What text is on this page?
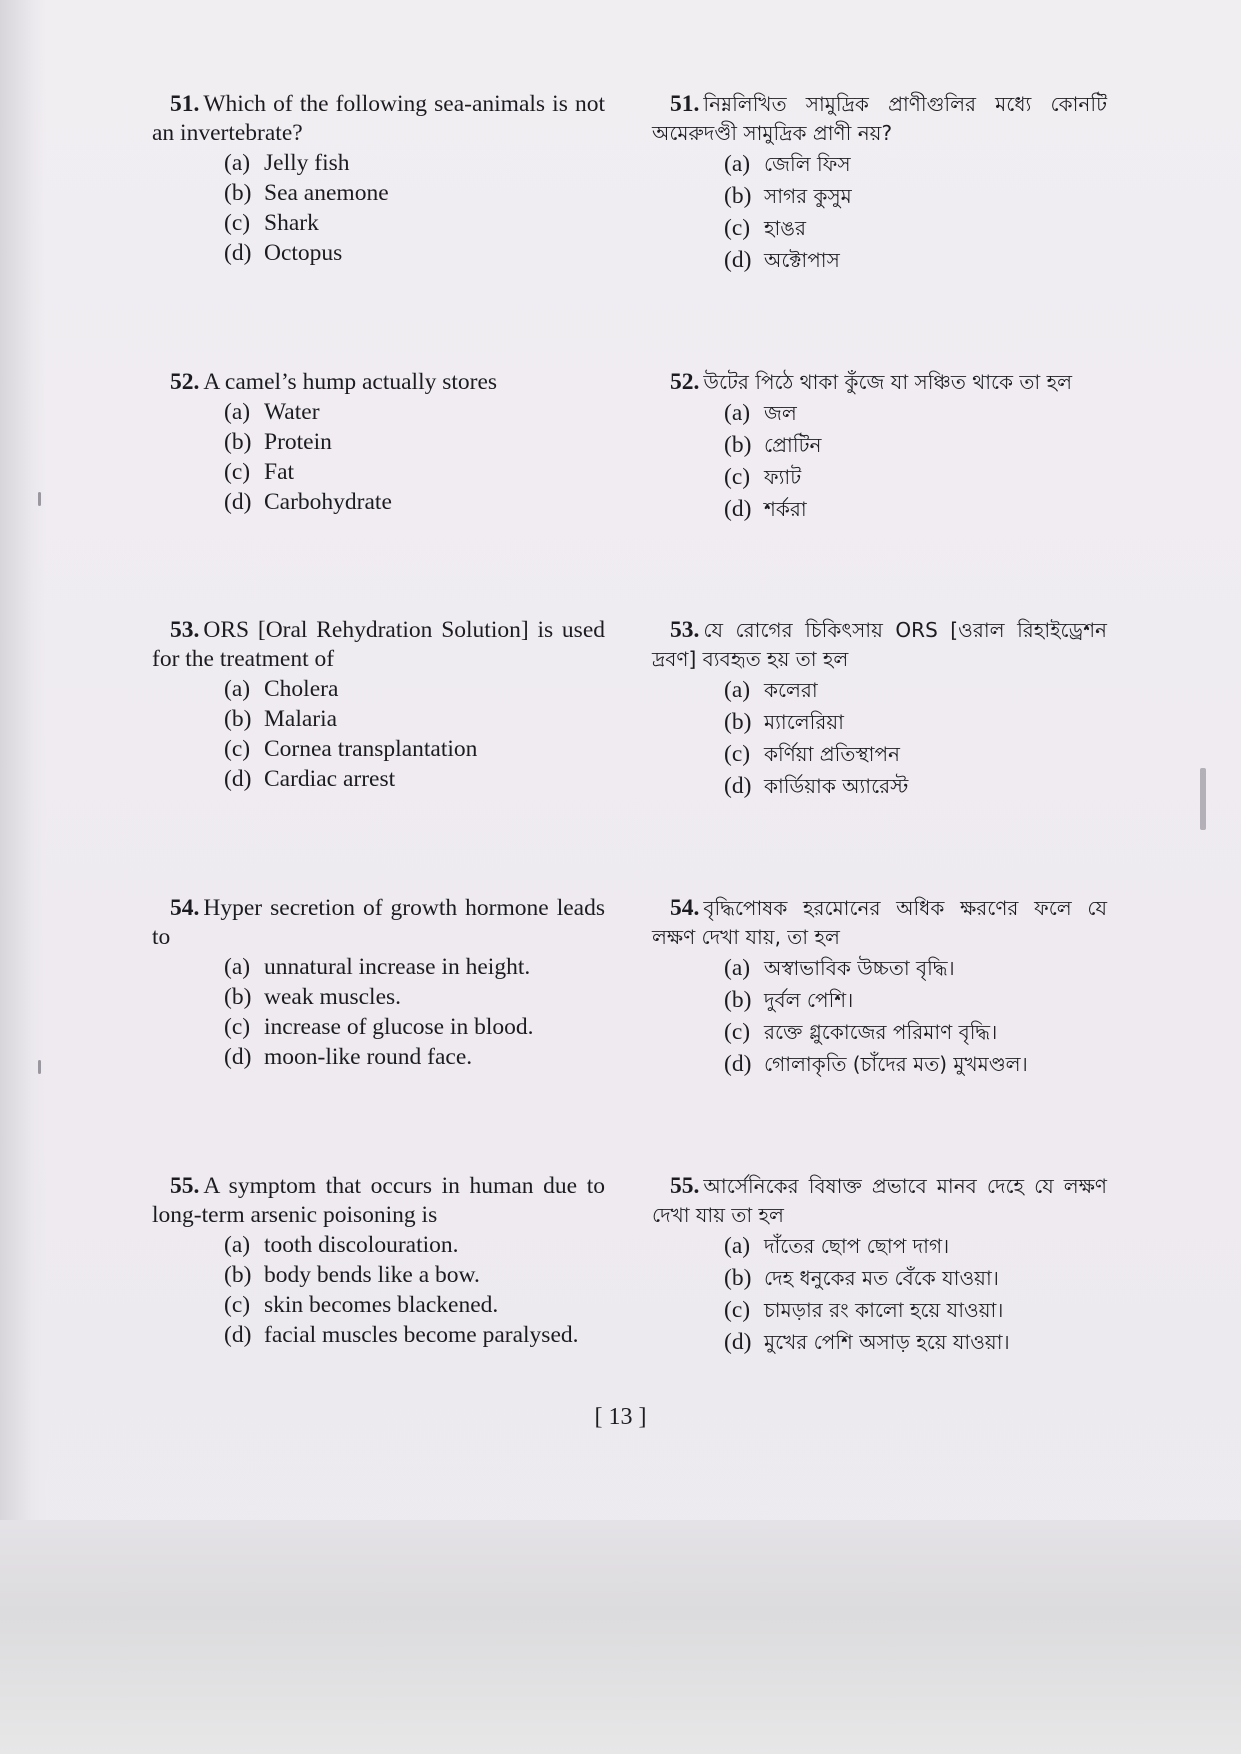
51. Which of the following sea-animals is not an invertebrate?
(a) Jelly fish
(b) Sea anemone
(c) Shark
(d) Octopus
51. নিম্নলিখিত সামুদ্রিক প্রাণীগুলির মধ্যে কোনটি অমেরুদণ্ডী সামুদ্রিক প্রাণী নয়?
(a) জেলি ফিস
(b) সাগর কুসুম
(c) হাঙর
(d) অক্টোপাস
52. A camel’s hump actually stores
(a) Water
(b) Protein
(c) Fat
(d) Carbohydrate
52. উটের পিঠে থাকা কুঁজে যা সঞ্চিত থাকে তা হল
(a) জল
(b) প্রোটিন
(c) ফ্যাট
(d) শর্করা
53. ORS [Oral Rehydration Solution] is used for the treatment of
(a) Cholera
(b) Malaria
(c) Cornea transplantation
(d) Cardiac arrest
53. যে রোগের চিকিৎসায় ORS [ওরাল রিহাইড্রেশন দ্রবণ] ব্যবহৃত হয় তা হল
(a) কলেরা
(b) ম্যালেরিয়া
(c) কর্ণিয়া প্রতিস্থাপন
(d) কার্ডিয়াক অ্যারেস্ট
54. Hyper secretion of growth hormone leads to
(a) unnatural increase in height.
(b) weak muscles.
(c) increase of glucose in blood.
(d) moon-like round face.
54. বৃদ্ধিপোষক হরমোনের অধিক ক্ষরণের ফলে যে লক্ষণ দেখা যায়, তা হল
(a) অস্বাভাবিক উচ্চতা বৃদ্ধি।
(b) দুর্বল পেশি।
(c) রক্তে গ্লুকোজের পরিমাণ বৃদ্ধি।
(d) গোলাকৃতি (চাঁদের মত) মুখমণ্ডল।
55. A symptom that occurs in human due to long-term arsenic poisoning is
(a) tooth discolouration.
(b) body bends like a bow.
(c) skin becomes blackened.
(d) facial muscles become paralysed.
55. আর্সেনিকের বিষাক্ত প্রভাবে মানব দেহে যে লক্ষণ দেখা যায় তা হল
(a) দাঁতের ছোপ ছোপ দাগ।
(b) দেহ ধনুকের মত বেঁকে যাওয়া।
(c) চামড়ার রং কালো হয়ে যাওয়া।
(d) মুখের পেশি অসাড় হয়ে যাওয়া।
[ 13 ]
